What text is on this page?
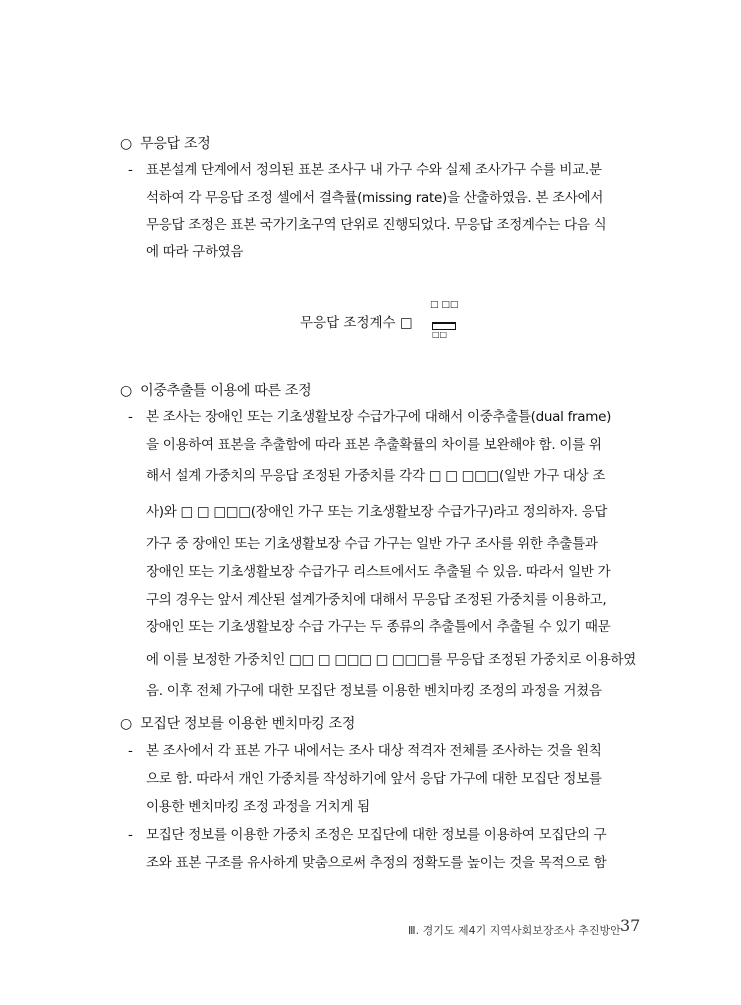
○ 무응답 조정
- 표본설계 단계에서 정의된 표본 조사구 내 가구 수와 실제 조사가구 수를 비교.분
석하여 각 무응답 조정 셀에서 결측률(missing rate)을 산출하였음. 본 조사에서
무응답 조정은 표본 국가기초구역 단위로 진행되었다. 무응답 조정계수는 다음 식
에 따라 구하였음
무응답 조정계수 □
□ □□
□□
○ 이중추출틀 이용에 따른 조정
- 본 조사는 장애인 또는 기초생활보장 수급가구에 대해서 이중추출틀(dual frame)
을 이용하여 표본을 추출함에 따라 표본 추출확률의 차이를 보완해야 함. 이를 위
해서 설계 가중치의 무응답 조정된 가중치를 각각 □ □ □□□(일반 가구 대상 조
사)와 □ □ □□□(장애인 가구 또는 기초생활보장 수급가구)라고 정의하자. 응답
가구 중 장애인 또는 기초생활보장 수급 가구는 일반 가구 조사를 위한 추출틀과
장애인 또는 기초생활보장 수급가구 리스트에서도 추출될 수 있음. 따라서 일반 가
구의 경우는 앞서 계산된 설계가중치에 대해서 무응답 조정된 가중치를 이용하고,
장애인 또는 기초생활보장 수급 가구는 두 종류의 추출틀에서 추출될 수 있기 때문
에 이를 보정한 가중치인 □□ □ □□□ □ □□□를 무응답 조정된 가중치로 이용하였
음. 이후 전체 가구에 대한 모집단 정보를 이용한 벤치마킹 조정의 과정을 거쳤음
○ 모집단 정보를 이용한 벤치마킹 조정
- 본 조사에서 각 표본 가구 내에서는 조사 대상 적격자 전체를 조사하는 것을 원칙
으로 함. 따라서 개인 가중치를 작성하기에 앞서 응답 가구에 대한 모집단 정보를
이용한 벤치마킹 조정 과정을 거치게 됨
- 모집단 정보를 이용한 가중치 조정은 모집단에 대한 정보를 이용하여 모집단의 구
조와 표본 구조를 유사하게 맞춤으로써 추정의 정확도를 높이는 것을 목적으로 함
Ⅲ. 경기도 제4기 지역사회보장조사 추진방안 37
